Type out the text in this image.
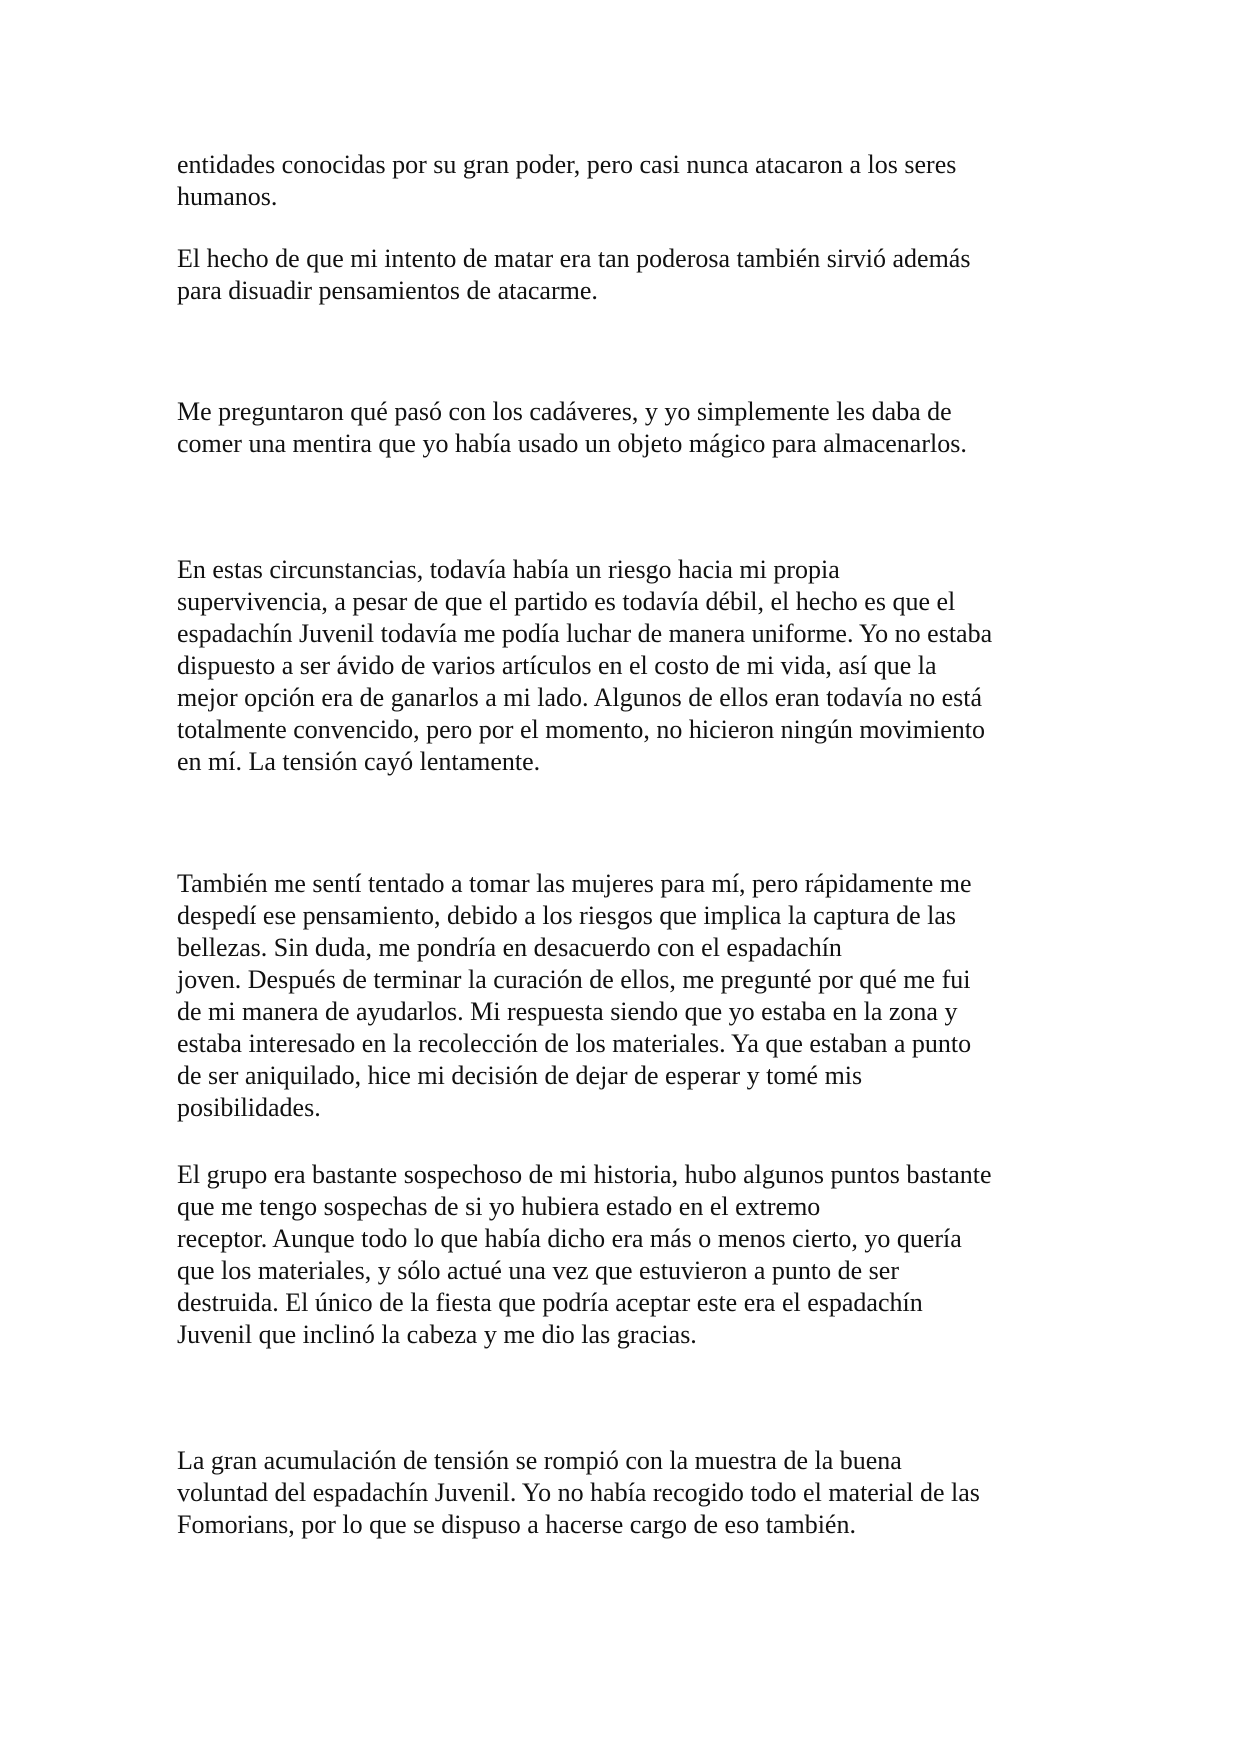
entidades conocidas por su gran poder, pero casi nunca atacaron a los seres
humanos.

El hecho de que mi intento de matar era tan poderosa también sirvió además
para disuadir pensamientos de atacarme.

Me preguntaron qué pasó con los cadáveres, y yo simplemente les daba de
comer una mentira que yo había usado un objeto mágico para almacenarlos.

En estas circunstancias, todavía había un riesgo hacia mi propia
supervivencia, a pesar de que el partido es todavía débil, el hecho es que el
espadachín Juvenil todavía me podía luchar de manera uniforme. Yo no estaba
dispuesto a ser ávido de varios artículos en el costo de mi vida, así que la
mejor opción era de ganarlos a mi lado. Algunos de ellos eran todavía no está
totalmente convencido, pero por el momento, no hicieron ningún movimiento
en mí. La tensión cayó lentamente.

También me sentí tentado a tomar las mujeres para mí, pero rápidamente me
despedí ese pensamiento, debido a los riesgos que implica la captura de las
bellezas. Sin duda, me pondría en desacuerdo con el espadachín
joven. Después de terminar la curación de ellos, me pregunté por qué me fui
de mi manera de ayudarlos. Mi respuesta siendo que yo estaba en la zona y
estaba interesado en la recolección de los materiales. Ya que estaban a punto
de ser aniquilado, hice mi decisión de dejar de esperar y tomé mis
posibilidades.

El grupo era bastante sospechoso de mi historia, hubo algunos puntos bastante
que me tengo sospechas de si yo hubiera estado en el extremo
receptor. Aunque todo lo que había dicho era más o menos cierto, yo quería
que los materiales, y sólo actué una vez que estuvieron a punto de ser
destruida. El único de la fiesta que podría aceptar este era el espadachín
Juvenil que inclinó la cabeza y me dio las gracias.

La gran acumulación de tensión se rompió con la muestra de la buena
voluntad del espadachín Juvenil. Yo no había recogido todo el material de las
Fomorians, por lo que se dispuso a hacerse cargo de eso también.
